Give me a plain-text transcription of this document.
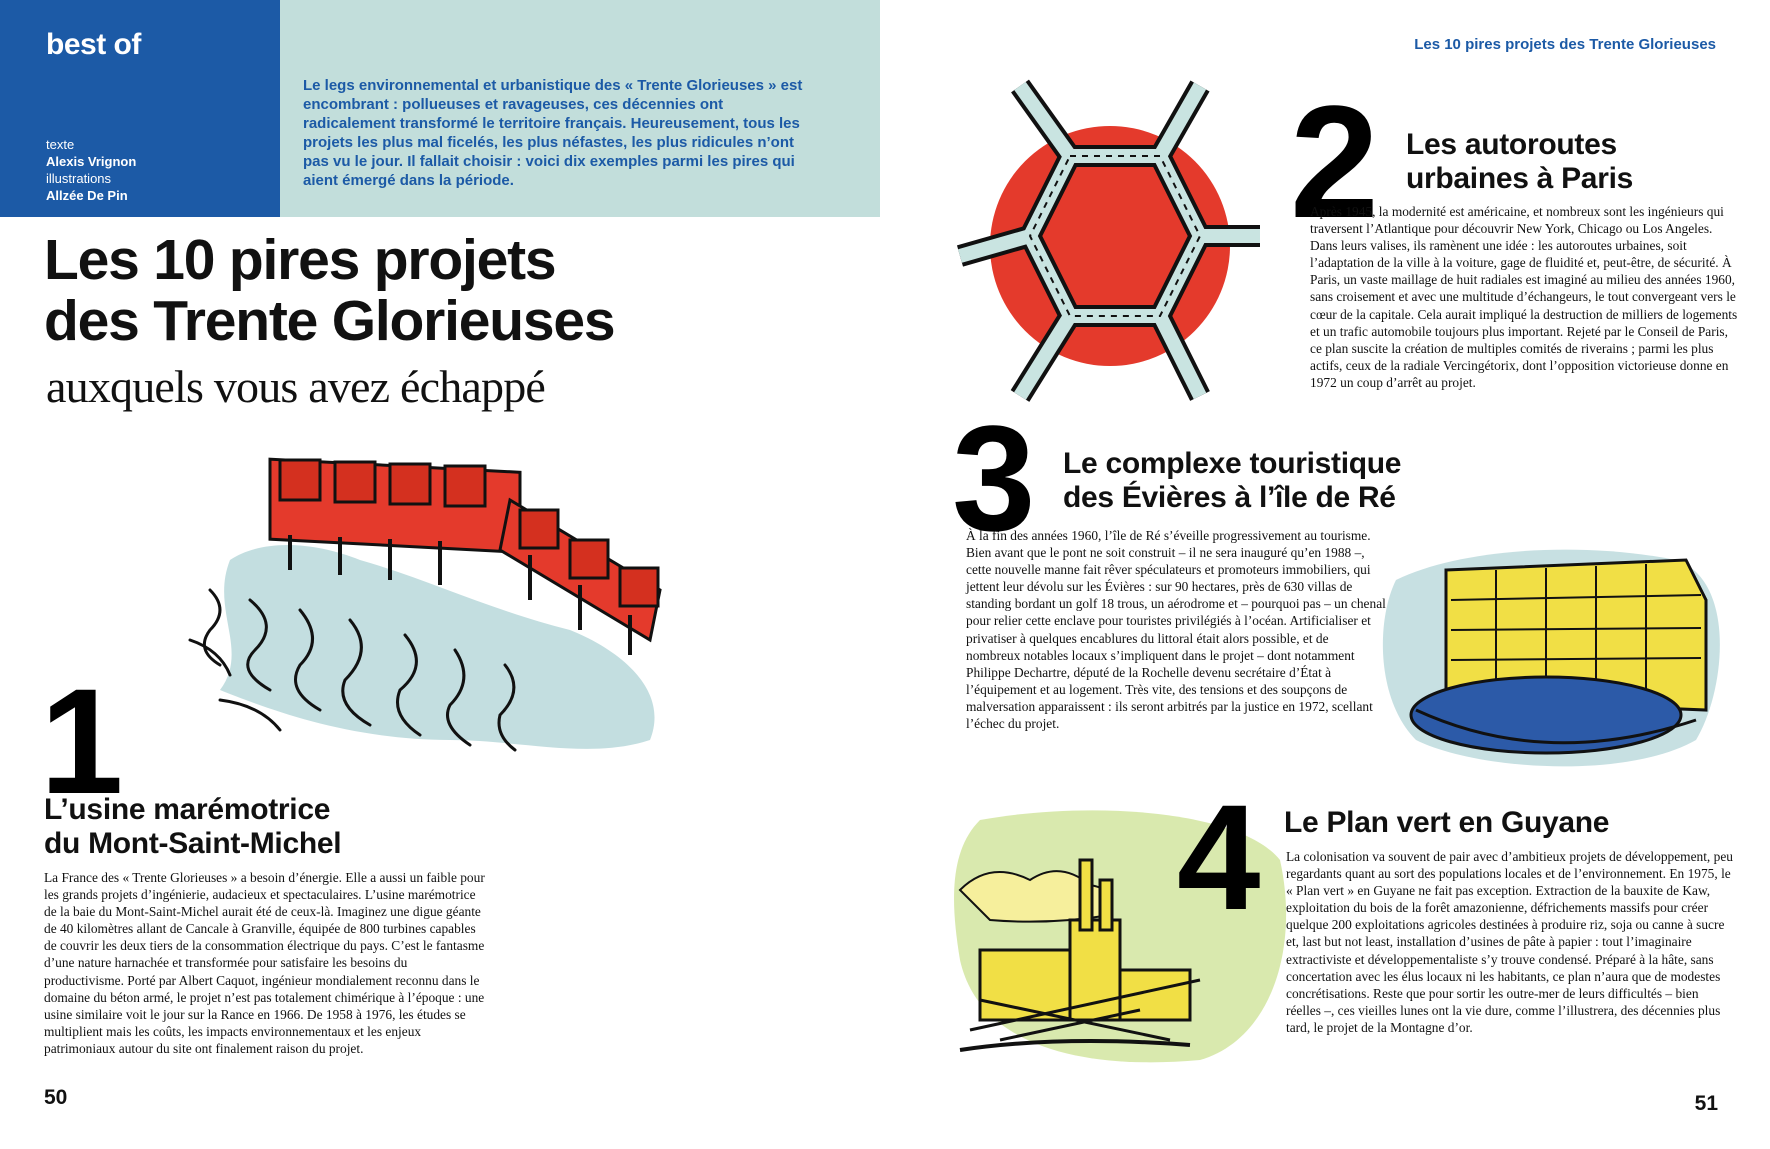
best of
texte
Alexis Vrignon
illustrations
Allzée De Pin
Le legs environnemental et urbanistique des « Trente Glorieuses » est encombrant : pollueuses et ravageuses, ces décennies ont radicalement transformé le territoire français. Heureusement, tous les projets les plus mal ficelés, les plus néfastes, les plus ridicules n’ont pas vu le jour. Il fallait choisir : voici dix exemples parmi les pires qui aient émergé dans la période.
Les 10 pires projets des Trente Glorieuses
Les 10 pires projets
des Trente Glorieuses
auxquels vous avez échappé
1
2
3
4
L’usine marémotrice
du Mont-Saint-Michel
La France des « Trente Glorieuses » a besoin d’énergie. Elle a aussi un faible pour les grands projets d’ingénierie, audacieux et spectaculaires. L’usine marémotrice de la baie du Mont-Saint-Michel aurait été de ceux-là. Imaginez une digue géante de 40 kilomètres allant de Cancale à Granville, équipée de 800 turbines capables de couvrir les deux tiers de la consommation électrique du pays. C’est le fantasme d’une nature harnachée et transformée pour satisfaire les besoins du productivisme. Porté par Albert Caquot, ingénieur mondialement reconnu dans le domaine du béton armé, le projet n’est pas totalement chimérique à l’époque : une usine similaire voit le jour sur la Rance en 1966. De 1958 à 1976, les études se multiplient mais les coûts, les impacts environnementaux et les enjeux patrimoniaux autour du site ont finalement raison du projet.
Les autoroutes
urbaines à Paris
Après 1945, la modernité est américaine, et nombreux sont les ingénieurs qui traversent l’Atlantique pour découvrir New York, Chicago ou Los Angeles. Dans leurs valises, ils ramènent une idée : les autoroutes urbaines, soit l’adaptation de la ville à la voiture, gage de fluidité et, peut-être, de sécurité. À Paris, un vaste maillage de huit radiales est imaginé au milieu des années 1960, sans croisement et avec une multitude d’échangeurs, le tout convergeant vers le cœur de la capitale. Cela aurait impliqué la destruction de milliers de logements et un trafic automobile toujours plus important. Rejeté par le Conseil de Paris, ce plan suscite la création de multiples comités de riverains ; parmi les plus actifs, ceux de la radiale Vercingétorix, dont l’opposition victorieuse donne en 1972 un coup d’arrêt au projet.
Le complexe touristique
des Évières à l’île de Ré
À la fin des années 1960, l’île de Ré s’éveille progressivement au tourisme. Bien avant que le pont ne soit construit – il ne sera inauguré qu’en 1988 –, cette nouvelle manne fait rêver spéculateurs et promoteurs immobiliers, qui jettent leur dévolu sur les Évières : sur 90 hectares, près de 630 villas de standing bordant un golf 18 trous, un aérodrome et – pourquoi pas – un chenal pour relier cette enclave pour touristes privilégiés à l’océan. Artificialiser et privatiser à quelques encablures du littoral était alors possible, et de nombreux notables locaux s’impliquent dans le projet – dont notamment Philippe Dechartre, député de la Rochelle devenu secrétaire d’État à l’équipement et au logement. Très vite, des tensions et des soupçons de malversation apparaissent : ils seront arbitrés par la justice en 1972, scellant l’échec du projet.
Le Plan vert en Guyane
La colonisation va souvent de pair avec d’ambitieux projets de développement, peu regardants quant au sort des populations locales et de l’environnement. En 1975, le « Plan vert » en Guyane ne fait pas exception. Extraction de la bauxite de Kaw, exploitation du bois de la forêt amazonienne, défrichements massifs pour créer quelque 200 exploitations agricoles destinées à produire riz, soja ou canne à sucre et, last but not least, installation d’usines de pâte à papier : tout l’imaginaire extractiviste et développementaliste s’y trouve condensé. Préparé à la hâte, sans concertation avec les élus locaux ni les habitants, ce plan n’aura que de modestes concrétisations. Reste que pour sortir les outre-mer de leurs difficultés – bien réelles –, ces vieilles lunes ont la vie dure, comme l’illustrera, des décennies plus tard, le projet de la Montagne d’or.
50	51
